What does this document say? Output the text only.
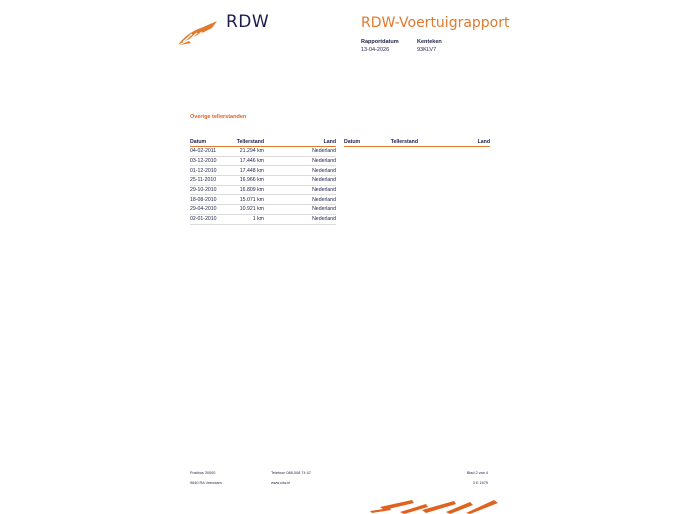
RDW	RDW-Voertuigrapport
Rapportdatum
13-04-2026
Kenteken
93KLV7
Overige tellerstanden
Datum	Tellerstand	Land
04-02-2011	21.294 km	Nederland
03-12-2010	17.446 km	Nederland
01-12-2010	17.448 km	Nederland
25-11-2010	16.966 km	Nederland
29-10-2010	16.809 km	Nederland
18-08-2010	15.071 km	Nederland
29-04-2010	10.921 km	Nederland
02-01-2010	1 km	Nederland
Datum	Tellerstand	Land
Postbus 30000
9640 RA Veendam
Telefoon 088-008 74 47
www.rdw.nl
Blad 2 van 4
3 E 1679
